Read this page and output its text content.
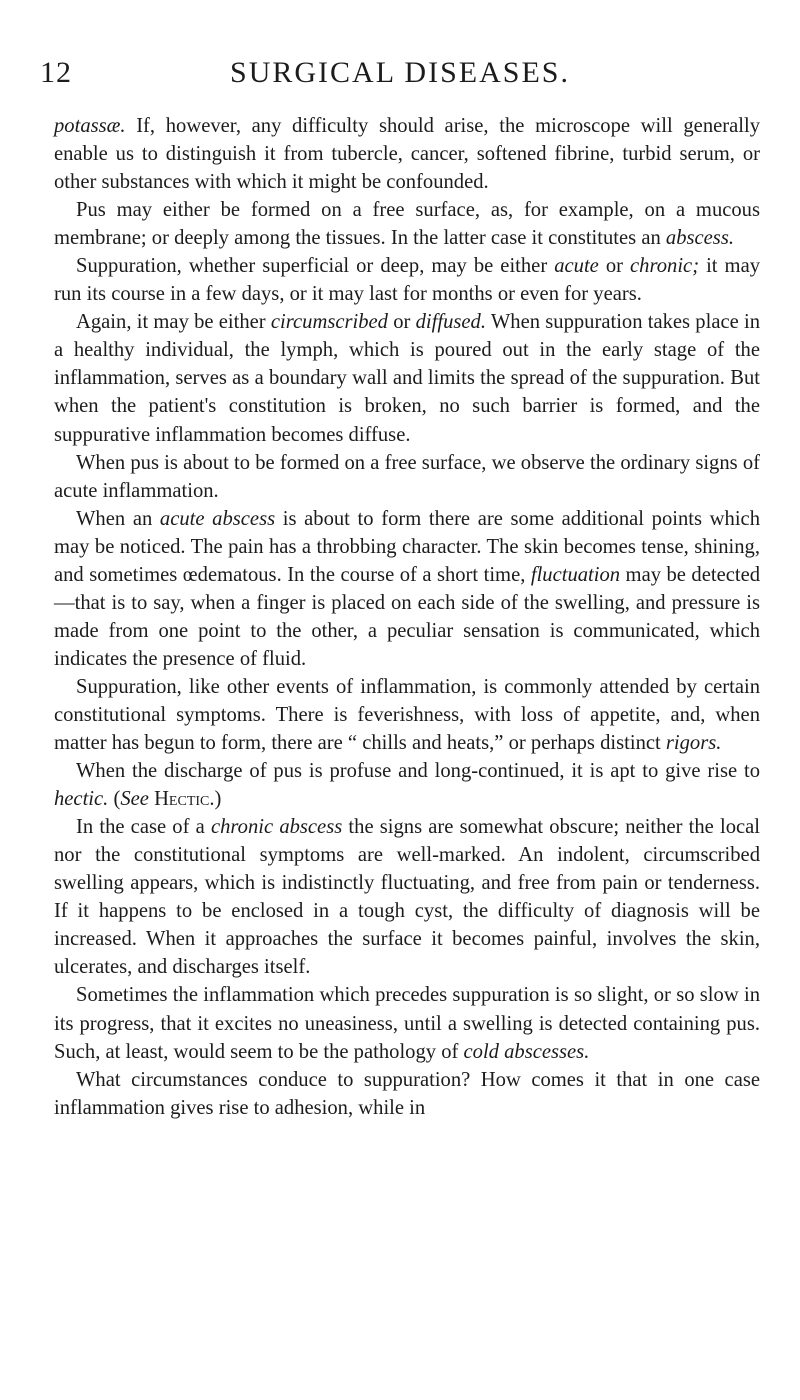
12	SURGICAL DISEASES.

potassæ. If, however, any difficulty should arise, the microscope will generally enable us to distinguish it from tubercle, cancer, softened fibrine, turbid serum, or other substances with which it might be confounded.

Pus may either be formed on a free surface, as, for example, on a mucous membrane; or deeply among the tissues. In the latter case it constitutes an abscess.

Suppuration, whether superficial or deep, may be either acute or chronic; it may run its course in a few days, or it may last for months or even for years.

Again, it may be either circumscribed or diffused. When suppuration takes place in a healthy individual, the lymph, which is poured out in the early stage of the inflammation, serves as a boundary wall and limits the spread of the suppuration. But when the patient's constitution is broken, no such barrier is formed, and the suppurative inflammation becomes diffuse.

When pus is about to be formed on a free surface, we observe the ordinary signs of acute inflammation.

When an acute abscess is about to form there are some additional points which may be noticed. The pain has a throbbing character. The skin becomes tense, shining, and sometimes œdematous. In the course of a short time, fluctuation may be detected—that is to say, when a finger is placed on each side of the swelling, and pressure is made from one point to the other, a peculiar sensation is communicated, which indicates the presence of fluid.

Suppuration, like other events of inflammation, is commonly attended by certain constitutional symptoms. There is feverishness, with loss of appetite, and, when matter has begun to form, there are “ chills and heats,” or perhaps distinct rigors.

When the discharge of pus is profuse and long-continued, it is apt to give rise to hectic. (See Hectic.)

In the case of a chronic abscess the signs are somewhat obscure; neither the local nor the constitutional symptoms are well-marked. An indolent, circumscribed swelling appears, which is indistinctly fluctuating, and free from pain or tenderness. If it happens to be enclosed in a tough cyst, the difficulty of diagnosis will be increased. When it approaches the surface it becomes painful, involves the skin, ulcerates, and discharges itself.

Sometimes the inflammation which precedes suppuration is so slight, or so slow in its progress, that it excites no uneasiness, until a swelling is detected containing pus. Such, at least, would seem to be the pathology of cold abscesses.

What circumstances conduce to suppuration? How comes it that in one case inflammation gives rise to adhesion, while in
